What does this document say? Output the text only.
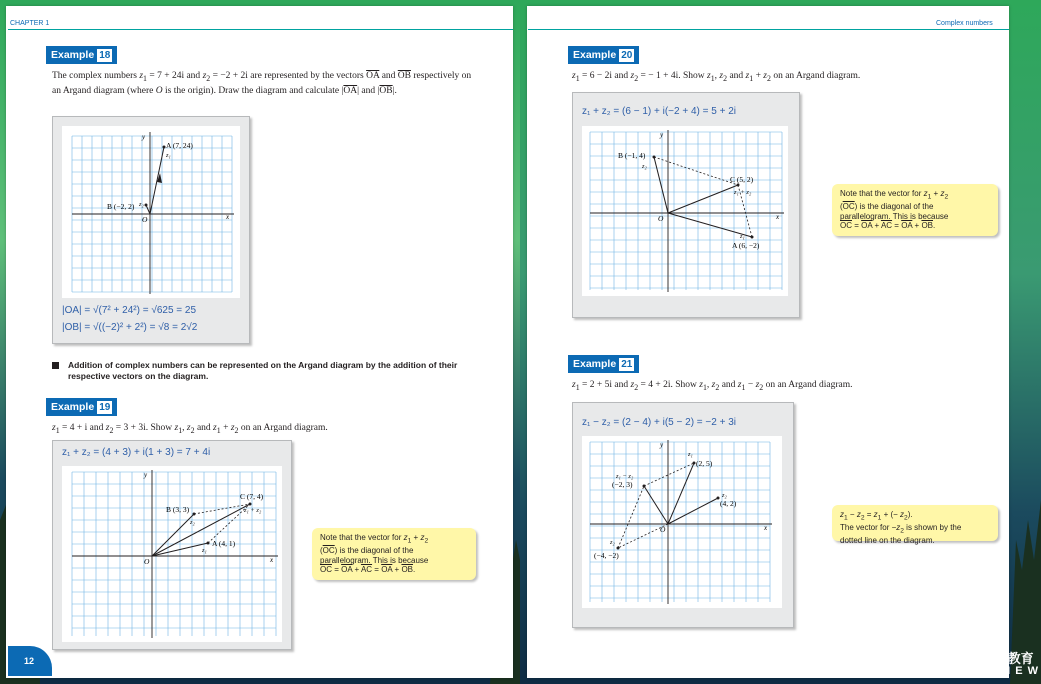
CHAPTER 1
Example 18
The complex numbers $z_1 = 7 + 24i$ and $z_2 = -2 + 2i$ are represented by the vectors $\overline{OA}$ and $\overline{OB}$ respectively on an Argand diagram (where O is the origin). Draw the diagram and calculate $|\overline{OA}|$ and $|\overline{OB}|$.
A (7, 24)
z₁
B (−2, 2) z₂
O	x
y
|OA| = √(7² + 24²) = √625 = 25
|OB| = √((−2)² + 2²) = √8 = 2√2
Addition of complex numbers can be represented on the Argand diagram by the addition of their respective vectors on the diagram.
Example 19
$z_1 = 4 + i$ and $z_2 = 3 + 3i$. Show $z_1$, $z_2$ and $z_1 + z_2$ on an Argand diagram.
z₁ + z₂ = (4 + 3) + i(1 + 3) = 7 + 4i
A (4, 1)
z₁
B (3, 3)
z₂
C (7, 4)
z₁ + z₂
O	x
y
Note that the vector for $z_1 + z_2$
$(\overline{OC})$ is the diagonal of the
parallelogram. This is because
$\overline{OC} = \overline{OA} + \overline{AC} = \overline{OA} + \overline{OB}$.
12
Complex numbers
Example 20
$z_1 = 6 - 2i$ and $z_2$ = − 1 + 4i. Show $z_1$, $z_2$ and $z_1 + z_2$ on an Argand diagram.
z₁ + z₂ = (6 − 1) + i(−2 + 4) = 5 + 2i
A (6, −2)
z₁
B (−1, 4)
z₂
C (5, 2)
z₁ + z₂
O	x
y
Note that the vector for $z_1 + z_2$
$(\overline{OC})$ is the diagonal of the
parallelogram. This is because
$\overline{OC} = \overline{OA} + \overline{AC} = \overline{OA} + \overline{OB}$.
Example 21
$z_1 = 2 + 5i$ and $z_2 = 4 + 2i$. Show $z_1$, $z_2$ and $z_1 - z_2$ on an Argand diagram.
z₁ − z₂ = (2 − 4) + i(5 − 2) = −2 + 3i
(2, 5)
z₁
(4, 2)
z₂
(−2, 3)
z₁ − z₂
(−4, −2)
z₂
O	x
y
$z_1 - z_2 = z_1$ + (− $z_2$).
The vector for $-z_2$ is shown by the
dotted line on the diagram.
教育
N E W
